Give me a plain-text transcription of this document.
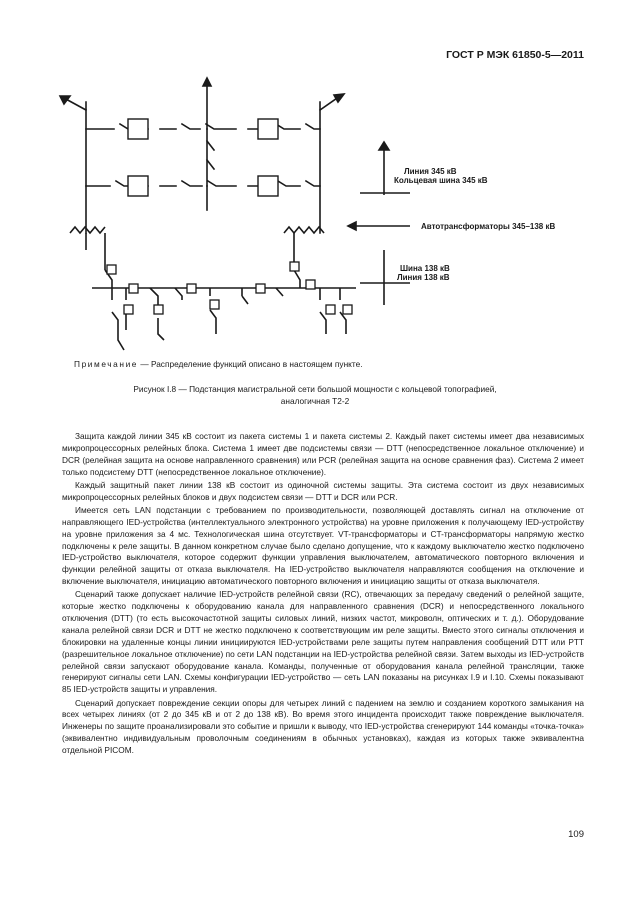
ГОСТ Р МЭК 61850-5—2011
Линия 345 кВ
Кольцевая шина 345 кВ
Автотрансформаторы 345–138 кВ
Шина 138 кВ
Линия 138 кВ
Примечание — Распределение функций описано в настоящем пункте.
Рисунок I.8 — Подстанция магистральной сети большой мощности с кольцевой топографией,
аналогичная Т2-2

Защита каждой линии 345 кВ состоит из пакета системы 1 и пакета системы 2. Каждый пакет системы имеет два независимых микропроцессорных релейных блока. Система 1 имеет две подсистемы связи — DTT (непосредственное локальное отключение) и DCR (релейная защита на основе направленного сравнения) или PCR (релейная защита на основе сравнения фаз). Система 2 имеет только подсистему DTT (непосредственное локальное отключение).

Каждый защитный пакет линии 138 кВ состоит из одиночной системы защиты. Эта система состоит из двух независимых микропроцессорных релейных блоков и двух подсистем связи — DTT и DCR или PCR.

Имеется сеть LAN подстанции с требованием по производительности, позволяющей доставлять сигнал на отключение от направляющего IED-устройства (интеллектуального электронного устройства) на уровне приложения к получающему IED-устройству на уровне приложения за 4 мс. Технологическая шина отсутствует. VT-трансформаторы и CT-трансформаторы напрямую жестко подключены к реле защиты. В данном конкретном случае было сделано допущение, что к каждому выключателю жестко подключено IED-устройство выключателя, которое содержит функции управления выключателем, автоматического повторного включения и функции релейной защиты от отказа выключателя. На IED-устройство выключателя направляются сообщения на отключение и включение выключателя, инициацию автоматического повторного включения и инициацию защиты от отказа выключателя.

Сценарий также допускает наличие IED-устройств релейной связи (RC), отвечающих за передачу сведений о релейной защите, которые жестко подключены к оборудованию канала для направленного сравнения (DCR) и непосредственного локального отключения (DTT) (то есть высокочастотной защиты силовых линий, низких частот, микроволн, оптических и т. д.). Оборудование канала релейной связи DCR и DTT не жестко подключено к соответствующим им реле защиты. Вместо этого сигналы отключения и блокировки на удаленные концы линии инициируются IED-устройствами реле защиты путем направления сообщений DTT или PTT (разрешительное локальное отключение) по сети LAN подстанции на IED-устройства релейной связи. Затем выходы из IED-устройств релейной связи запускают оборудование канала. Команды, полученные от оборудования канала релейной трансляции, также генерируют сигналы сети LAN. Схемы конфигурации IED-устройство — сеть LAN показаны на рисунках I.9 и I.10. Схемы показывают 85 IED-устройств защиты и управления.

Сценарий допускает повреждение секции опоры для четырех линий с падением на землю и созданием короткого замыкания на всех четырех линиях (от 2 до 345 кВ и от 2 до 138 кВ). Во время этого инцидента происходит также повреждение выключателя. Инженеры по защите проанализировали это событие и пришли к выводу, что IED-устройства сгенерируют 144 команды «точка-точка» (эквивалентно индивидуальным проволочным соединениям в обычных установках), каждая из которых также эквивалентна отдельной PICOM.

109
